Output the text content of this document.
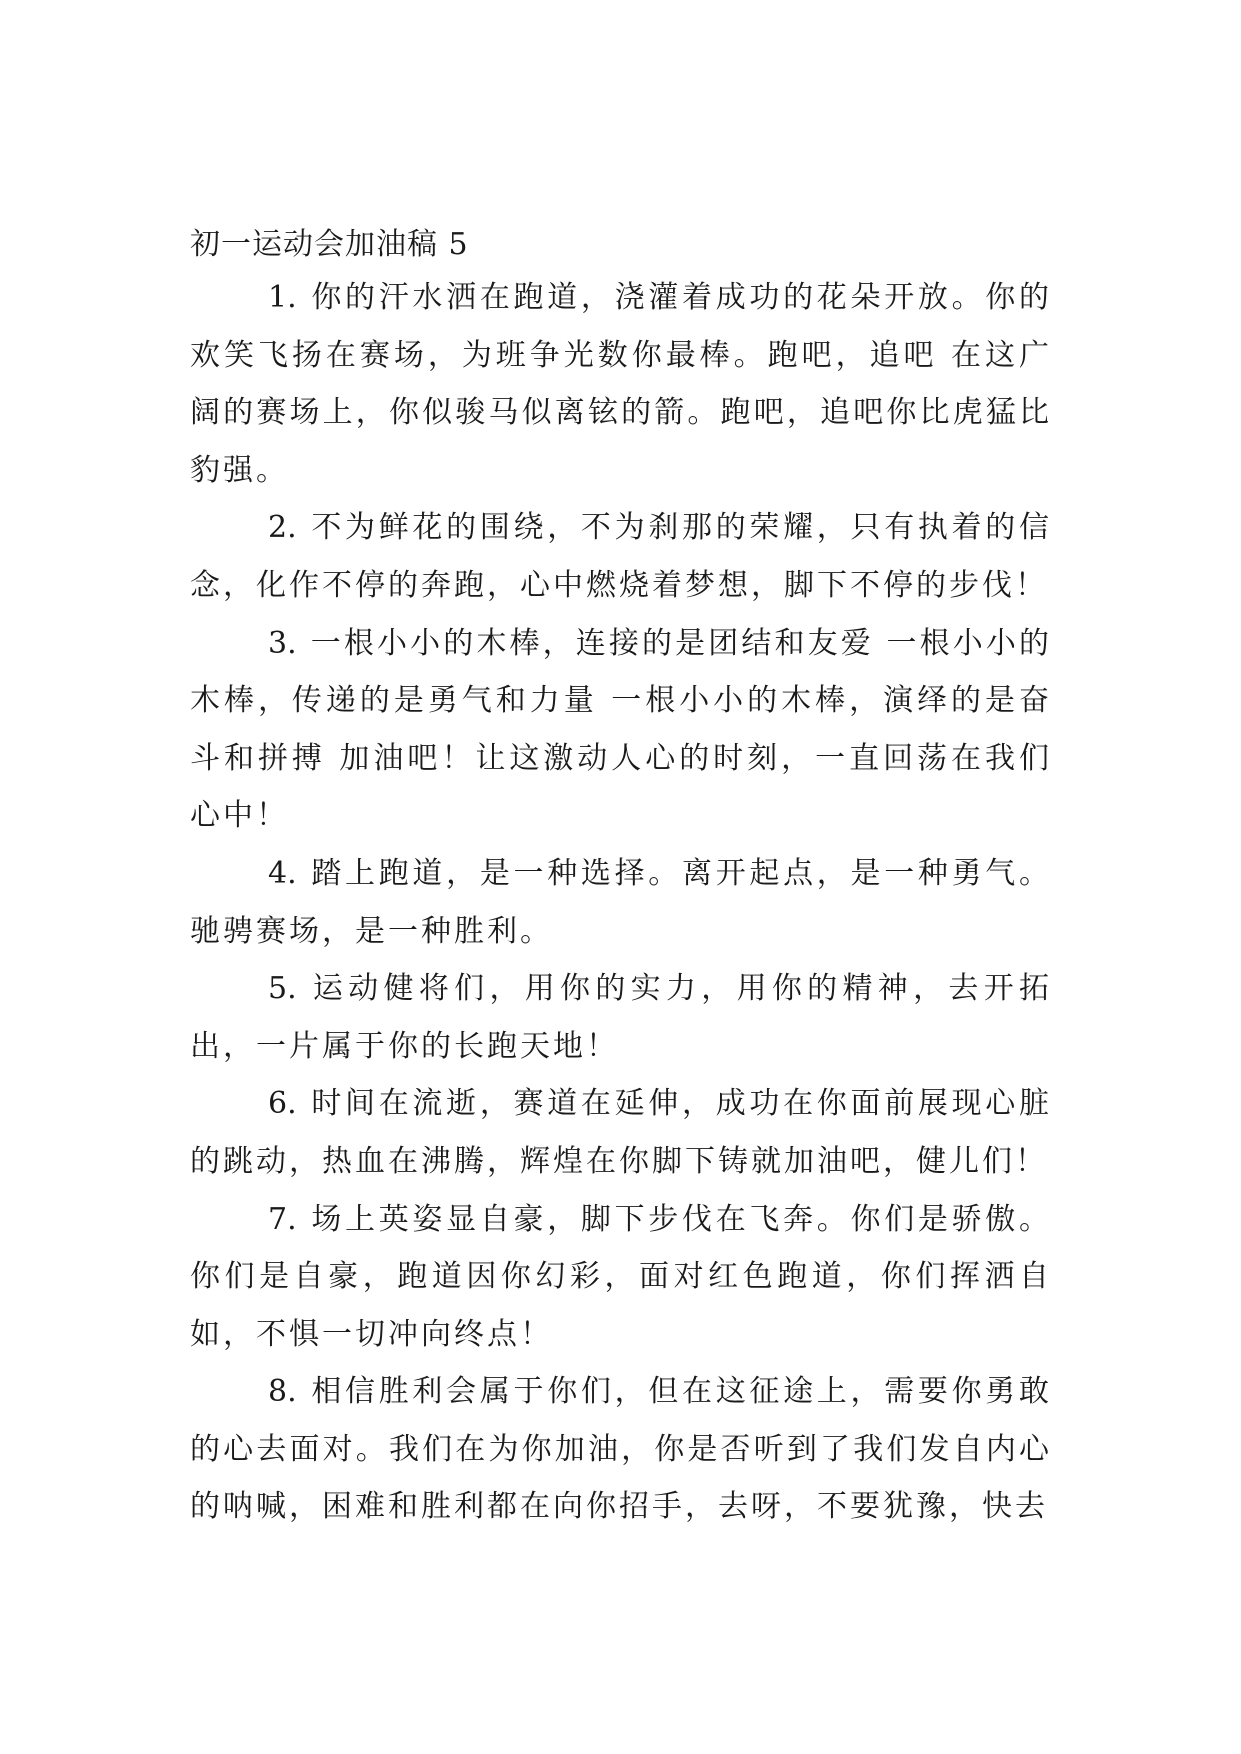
初一运动会加油稿 5

1. 你的汗水洒在跑道，浇灌着成功的花朵开放。你的欢笑飞扬在赛场，为班争光数你最棒。跑吧，追吧 在这广阔的赛场上，你似骏马似离铉的箭。跑吧，追吧你比虎猛比豹强。

2. 不为鲜花的围绕，不为刹那的荣耀，只有执着的信念，化作不停的奔跑，心中燃烧着梦想，脚下不停的步伐！

3. 一根小小的木棒，连接的是团结和友爱 一根小小的木棒，传递的是勇气和力量 一根小小的木棒，演绎的是奋斗和拼搏 加油吧！让这激动人心的时刻，一直回荡在我们心中！

4. 踏上跑道，是一种选择。离开起点，是一种勇气。驰骋赛场，是一种胜利。

5. 运动健将们，用你的实力，用你的精神，去开拓出，一片属于你的长跑天地！

6. 时间在流逝，赛道在延伸，成功在你面前展现心脏的跳动，热血在沸腾，辉煌在你脚下铸就加油吧，健儿们！

7. 场上英姿显自豪，脚下步伐在飞奔。你们是骄傲。你们是自豪，跑道因你幻彩，面对红色跑道，你们挥洒自如，不惧一切冲向终点！

8. 相信胜利会属于你们，但在这征途上，需要你勇敢的心去面对。我们在为你加油，你是否听到了我们发自内心的呐喊，困难和胜利都在向你招手，去呀，不要犹豫，快去
